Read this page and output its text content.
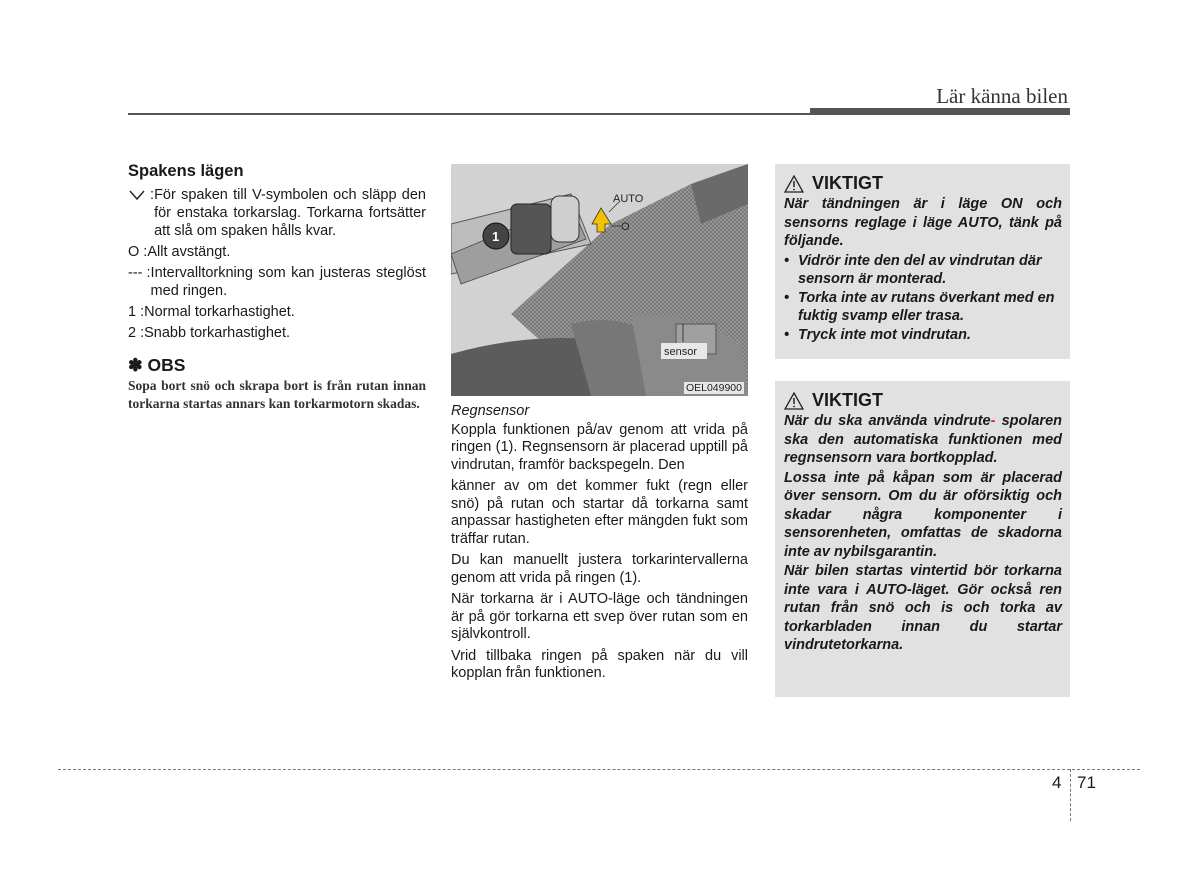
Lär känna bilen
Spakens lägen
: För spaken till V-symbolen och släpp den för enstaka torkarslag. Torkarna fortsätter att slå om spaken hålls kvar.
O : Allt avstängt.
--- : Intervalltorkning som kan justeras steglöst med ringen.
1 : Normal torkarhastighet.
2 : Snabb torkarhastighet.
✽ OBS
Sopa bort snö och skrapa bort is från rutan innan torkarna startas annars kan torkarmotorn skadas.
1
AUTO
O
sensor
OEL049900
Regnsensor

Koppla funktionen på/av genom att vrida på ringen (1). Regnsensorn är placerad upptill på vindrutan, framför backspegeln. Den

känner av om det kommer fukt (regn eller snö) på rutan och startar då torkarna samt anpassar hastigheten efter mängden fukt som träffar rutan.

Du kan manuellt justera torkarintervallerna genom att vrida på ringen (1).

När torkarna är i AUTO-läge och tändningen är på gör torkarna ett svep över rutan som en självkontroll.

Vrid tillbaka ringen på spaken när du vill kopplan från funktionen.

VIKTIGT

När tändningen är i läge ON och sensorns reglage i läge AUTO, tänk på följande.

• Vidrör inte den del av vindrutan där sensorn är monterad.
• Torka inte av rutans överkant med en fuktig svamp eller trasa.
• Tryck inte mot vindrutan.
VIKTIGT

När du ska använda vindrute- spolaren ska den automatiska funktionen med regnsensorn vara bortkopplad.

Lossa inte på kåpan som är placerad över sensorn. Om du är oförsiktig och skadar några komponenter i sensorenheten, omfattas de skadorna inte av nybilsgarantin.

När bilen startas vintertid bör torkarna inte vara i AUTO-läget. Gör också ren rutan från snö och is och torka av torkarbladen innan du startar vindrutetorkarna.

4 71
